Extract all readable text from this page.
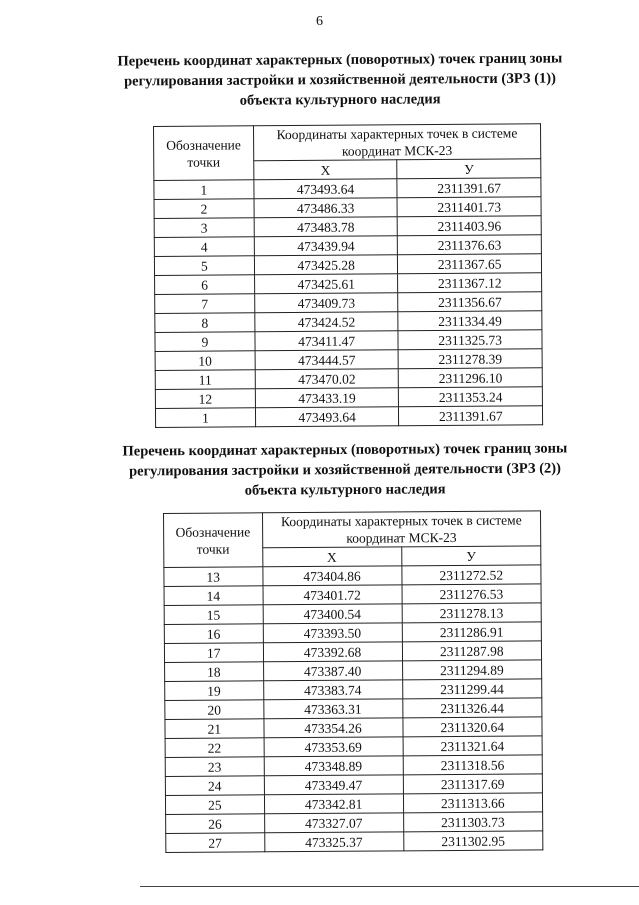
6
Перечень координат характерных (поворотных) точек границ зоны
регулирования застройки и хозяйственной деятельности (ЗРЗ (1))
объекта культурного наследия
Обозначение точки	Координаты характерных точек в системе координат МСК-23	
	X	У
1	473493.64	2311391.67
2	473486.33	2311401.73
3	473483.78	2311403.96
4	473439.94	2311376.63
5	473425.28	2311367.65
6	473425.61	2311367.12
7	473409.73	2311356.67
8	473424.52	2311334.49
9	473411.47	2311325.73
10	473444.57	2311278.39
11	473470.02	2311296.10
12	473433.19	2311353.24
1	473493.64	2311391.67
Перечень координат характерных (поворотных) точек границ зоны
регулирования застройки и хозяйственной деятельности (ЗРЗ (2))
объекта культурного наследия
Обозначение точки	Координаты характерных точек в системе координат МСК-23	
	X	У
13	473404.86	2311272.52
14	473401.72	2311276.53
15	473400.54	2311278.13
16	473393.50	2311286.91
17	473392.68	2311287.98
18	473387.40	2311294.89
19	473383.74	2311299.44
20	473363.31	2311326.44
21	473354.26	2311320.64
22	473353.69	2311321.64
23	473348.89	2311318.56
24	473349.47	2311317.69
25	473342.81	2311313.66
26	473327.07	2311303.73
27	473325.37	2311302.95
